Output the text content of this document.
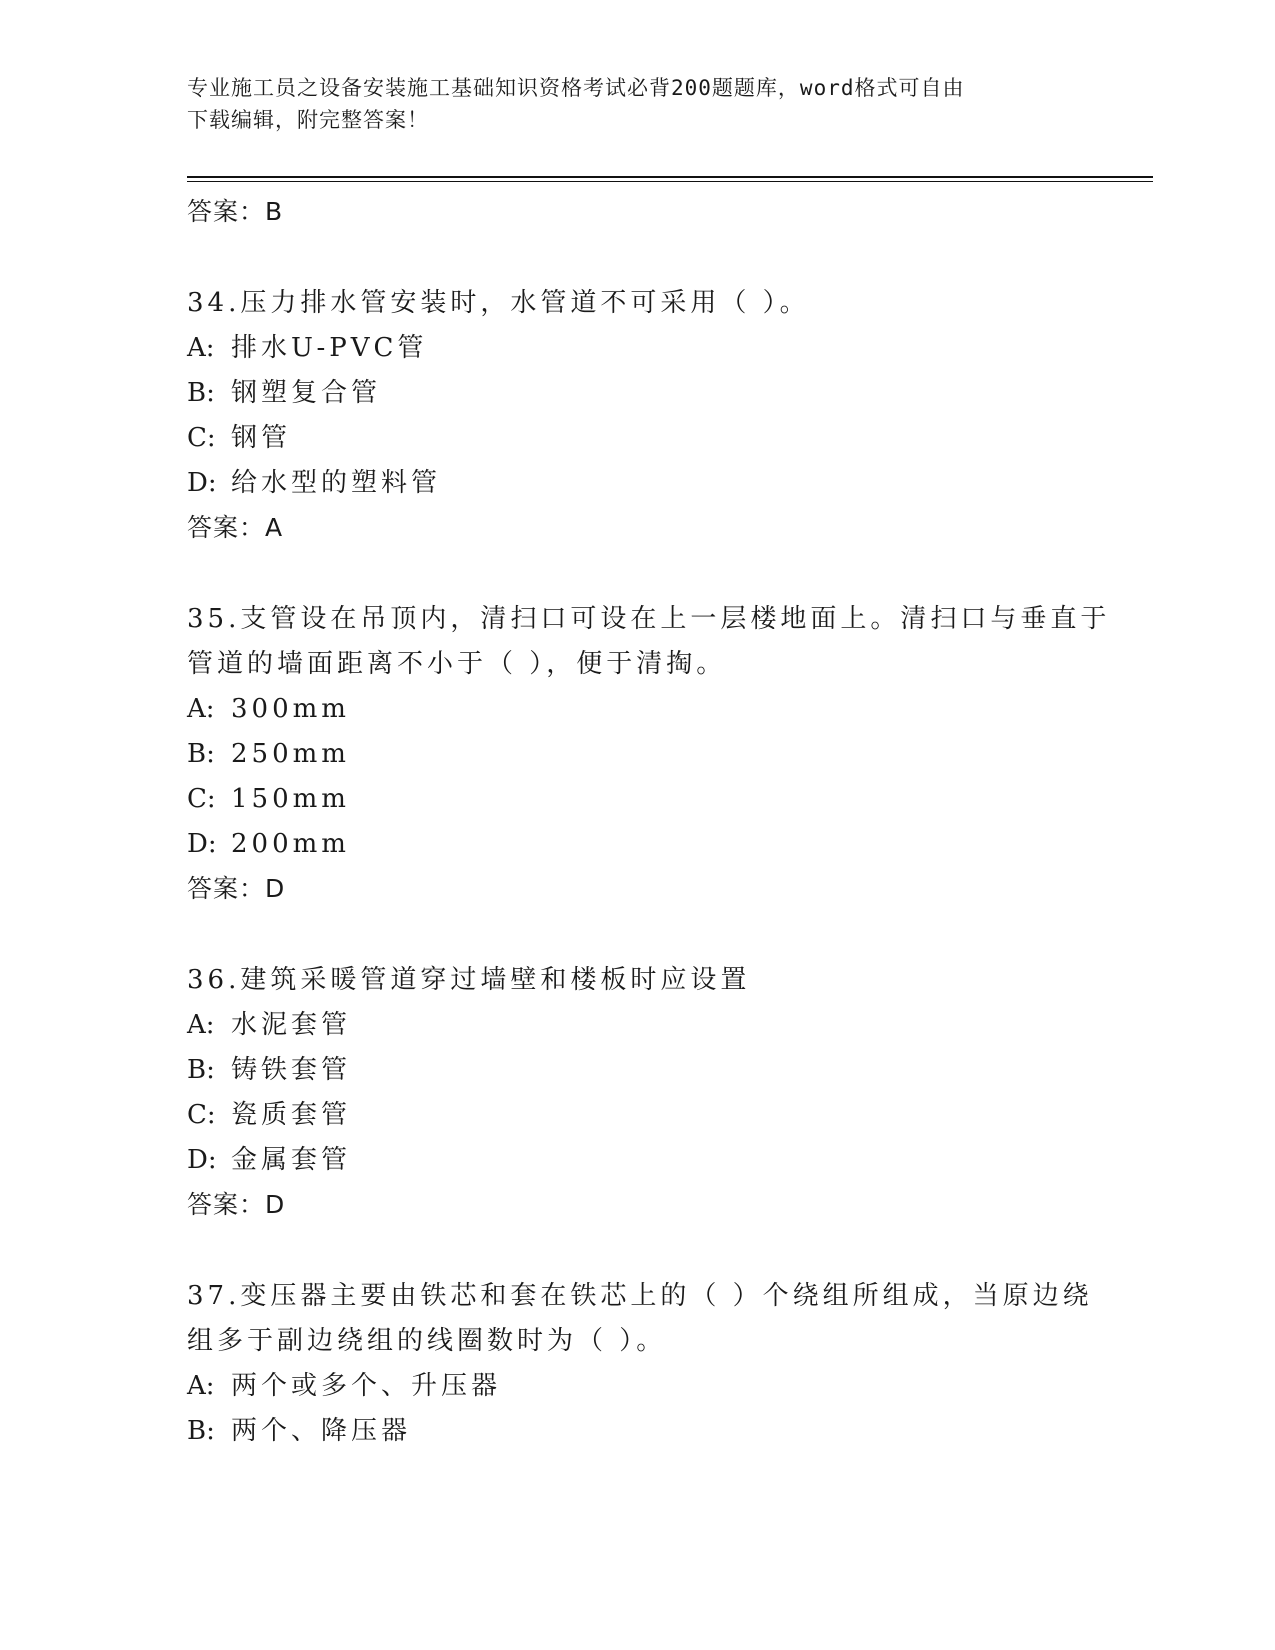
专业施工员之设备安装施工基础知识资格考试必背200题题库，word格式可自由
下载编辑，附完整答案！
答案：B
34.压力排水管安装时，水管道不可采用（ ）。
A: 排水U-PVC管
B: 钢塑复合管
C: 钢管
D: 给水型的塑料管
答案：A
35.支管设在吊顶内，清扫口可设在上一层楼地面上。清扫口与垂直于
管道的墙面距离不小于（ ），便于清掏。
A: 300mm
B: 250mm
C: 150mm
D: 200mm
答案：D
36.建筑采暖管道穿过墙壁和楼板时应设置
A: 水泥套管
B: 铸铁套管
C: 瓷质套管
D: 金属套管
答案：D
37.变压器主要由铁芯和套在铁芯上的（ ）个绕组所组成，当原边绕
组多于副边绕组的线圈数时为（ ）。
A: 两个或多个、升压器
B: 两个、降压器
